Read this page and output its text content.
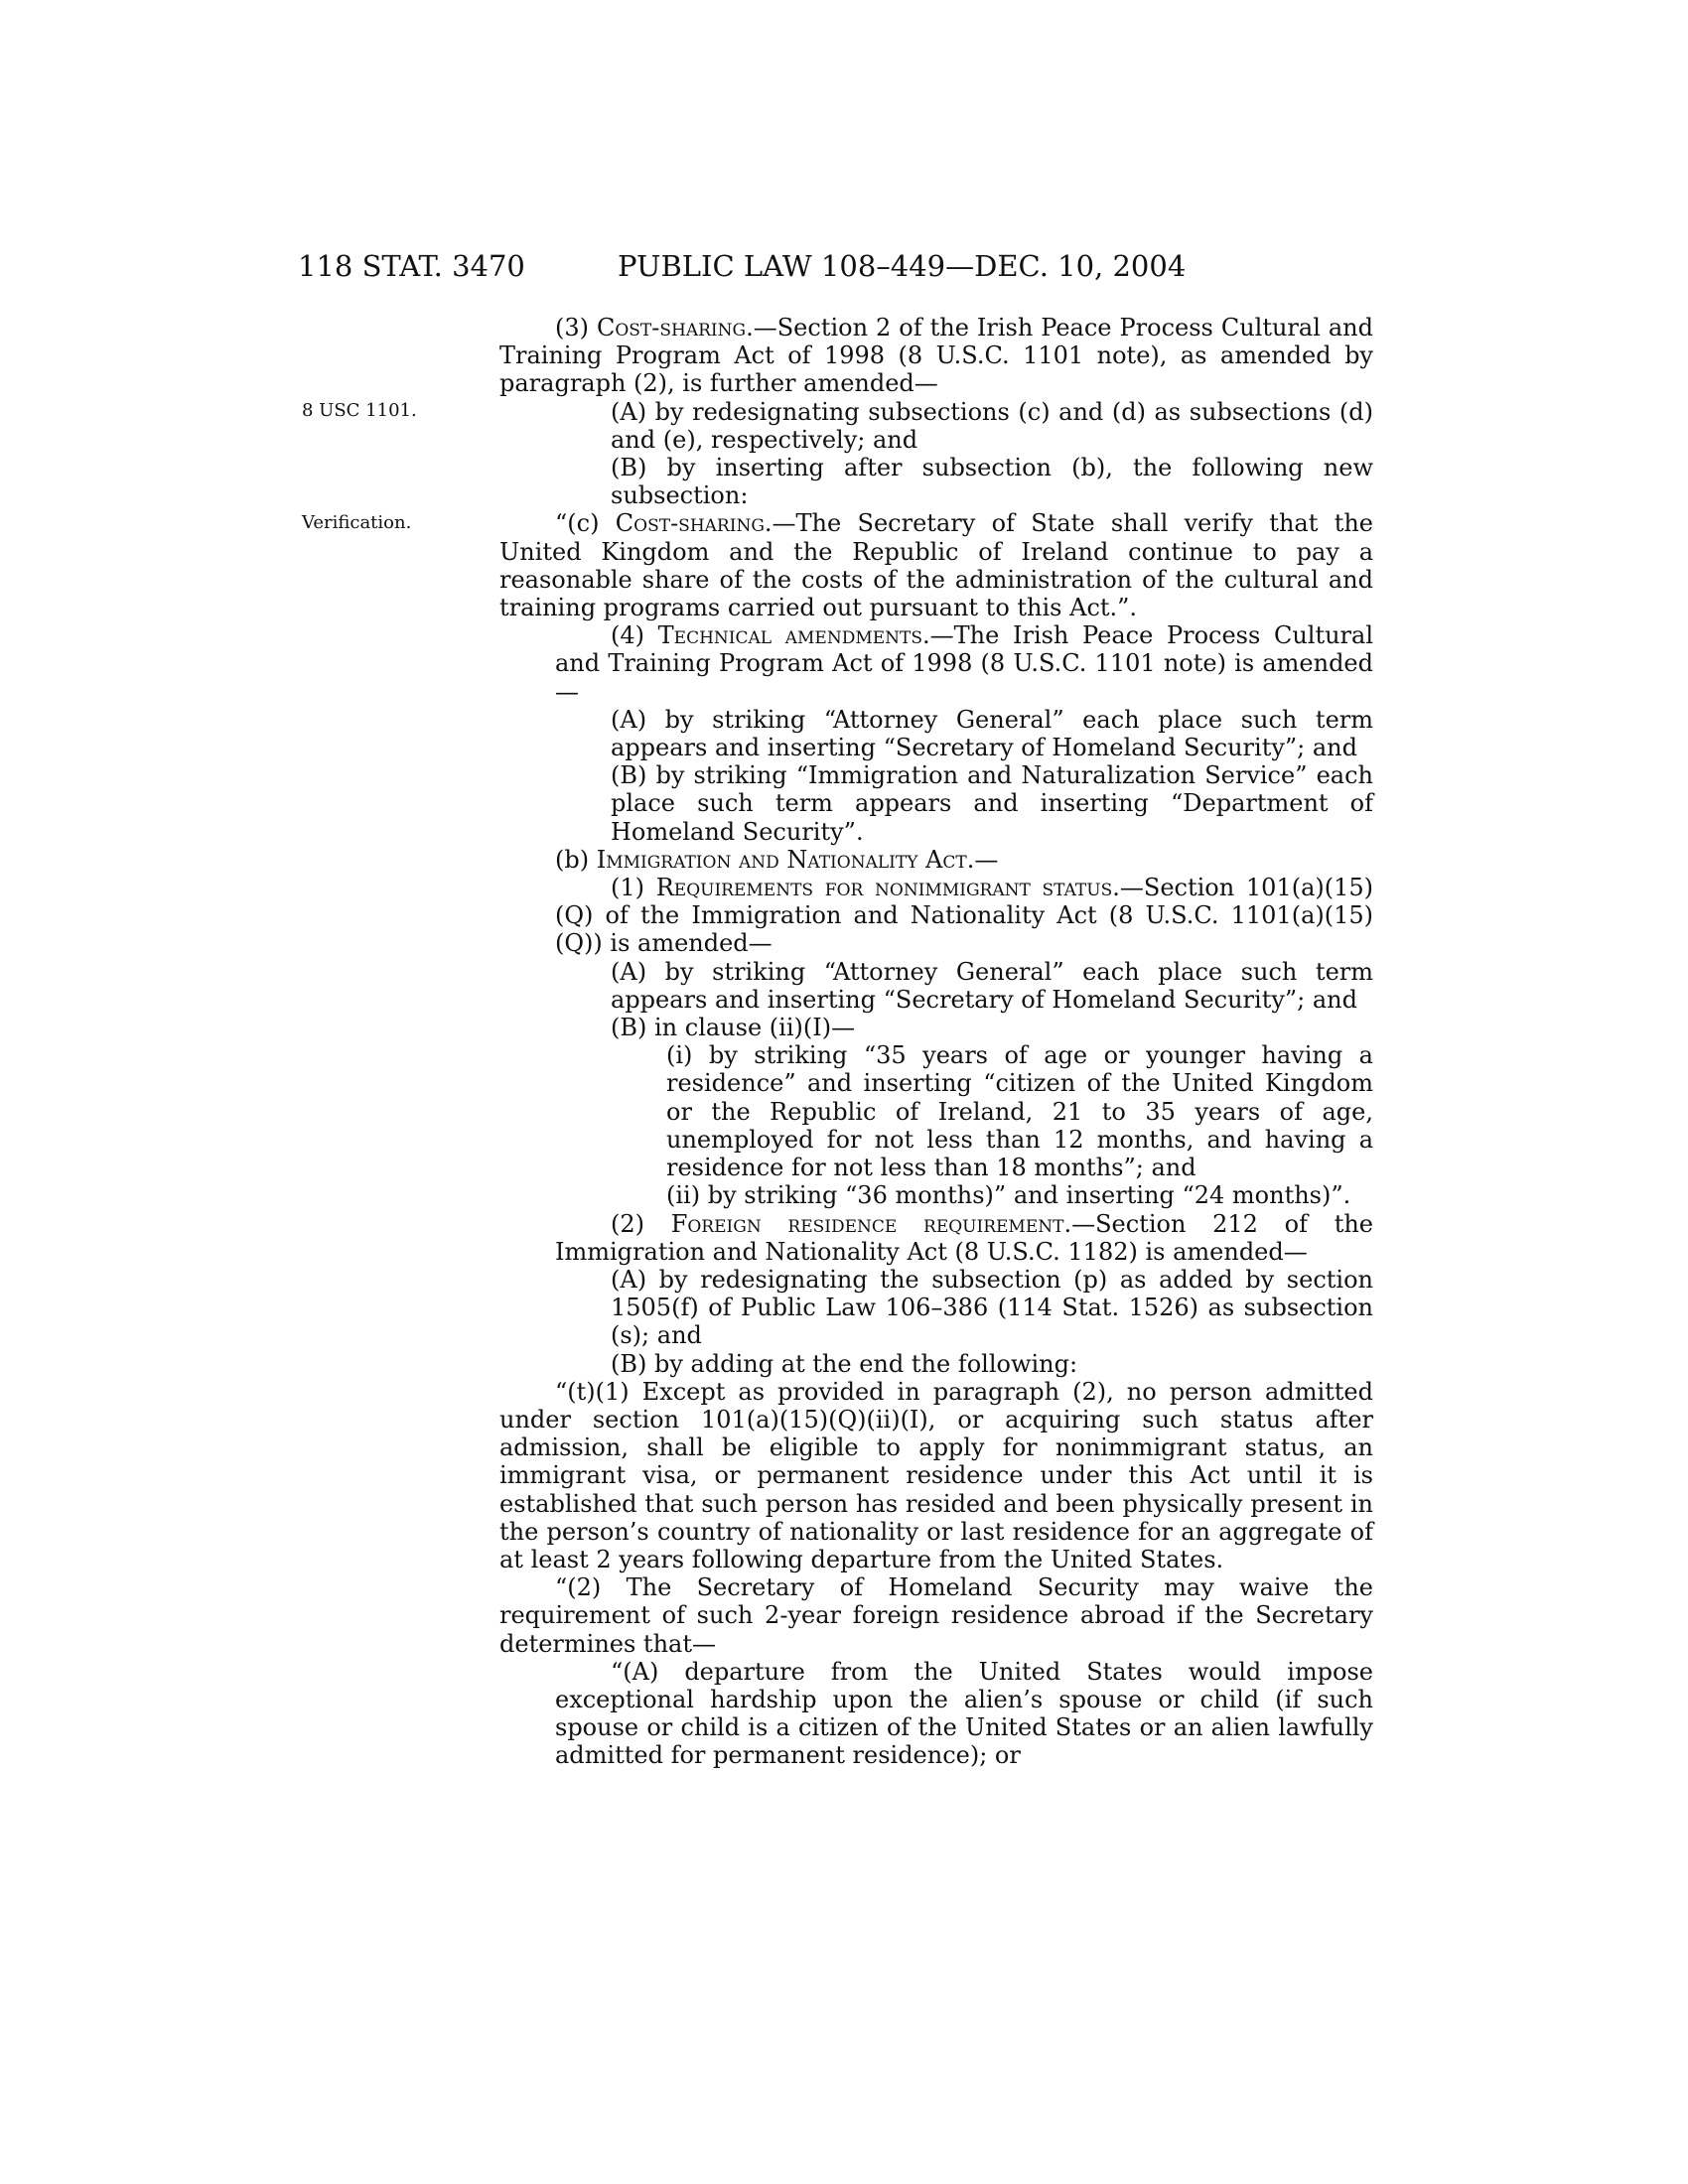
118 STAT. 3470	PUBLIC LAW 108–449—DEC. 10, 2004
8 USC 1101.
Verification.

(3) Cost-sharing.—Section 2 of the Irish Peace Process Cultural and Training Program Act of 1998 (8 U.S.C. 1101 note), as amended by paragraph (2), is further amended—

(A) by redesignating subsections (c) and (d) as subsections (d) and (e), respectively; and

(B) by inserting after subsection (b), the following new subsection:

“(c) Cost-sharing.—The Secretary of State shall verify that the United Kingdom and the Republic of Ireland continue to pay a reasonable share of the costs of the administration of the cultural and training programs carried out pursuant to this Act.”.

(4) Technical amendments.—The Irish Peace Process Cultural and Training Program Act of 1998 (8 U.S.C. 1101 note) is amended—

(A) by striking “Attorney General” each place such term appears and inserting “Secretary of Homeland Security”; and

(B) by striking “Immigration and Naturalization Service” each place such term appears and inserting “Department of Homeland Security”.

(b) Immigration and Nationality Act.—

(1) Requirements for nonimmigrant status.—Section 101(a)(15)(Q) of the Immigration and Nationality Act (8 U.S.C. 1101(a)(15)(Q)) is amended—

(A) by striking “Attorney General” each place such term appears and inserting “Secretary of Homeland Security”; and

(B) in clause (ii)(I)—

(i) by striking “35 years of age or younger having a residence” and inserting “citizen of the United Kingdom or the Republic of Ireland, 21 to 35 years of age, unemployed for not less than 12 months, and having a residence for not less than 18 months”; and

(ii) by striking “36 months)” and inserting “24 months)”.

(2) Foreign residence requirement.—Section 212 of the Immigration and Nationality Act (8 U.S.C. 1182) is amended—

(A) by redesignating the subsection (p) as added by section 1505(f) of Public Law 106–386 (114 Stat. 1526) as subsection (s); and

(B) by adding at the end the following:

“(t)(1) Except as provided in paragraph (2), no person admitted under section 101(a)(15)(Q)(ii)(I), or acquiring such status after admission, shall be eligible to apply for nonimmigrant status, an immigrant visa, or permanent residence under this Act until it is established that such person has resided and been physically present in the person’s country of nationality or last residence for an aggregate of at least 2 years following departure from the United States.

“(2) The Secretary of Homeland Security may waive the requirement of such 2-year foreign residence abroad if the Secretary determines that—

“(A) departure from the United States would impose exceptional hardship upon the alien’s spouse or child (if such spouse or child is a citizen of the United States or an alien lawfully admitted for permanent residence); or
